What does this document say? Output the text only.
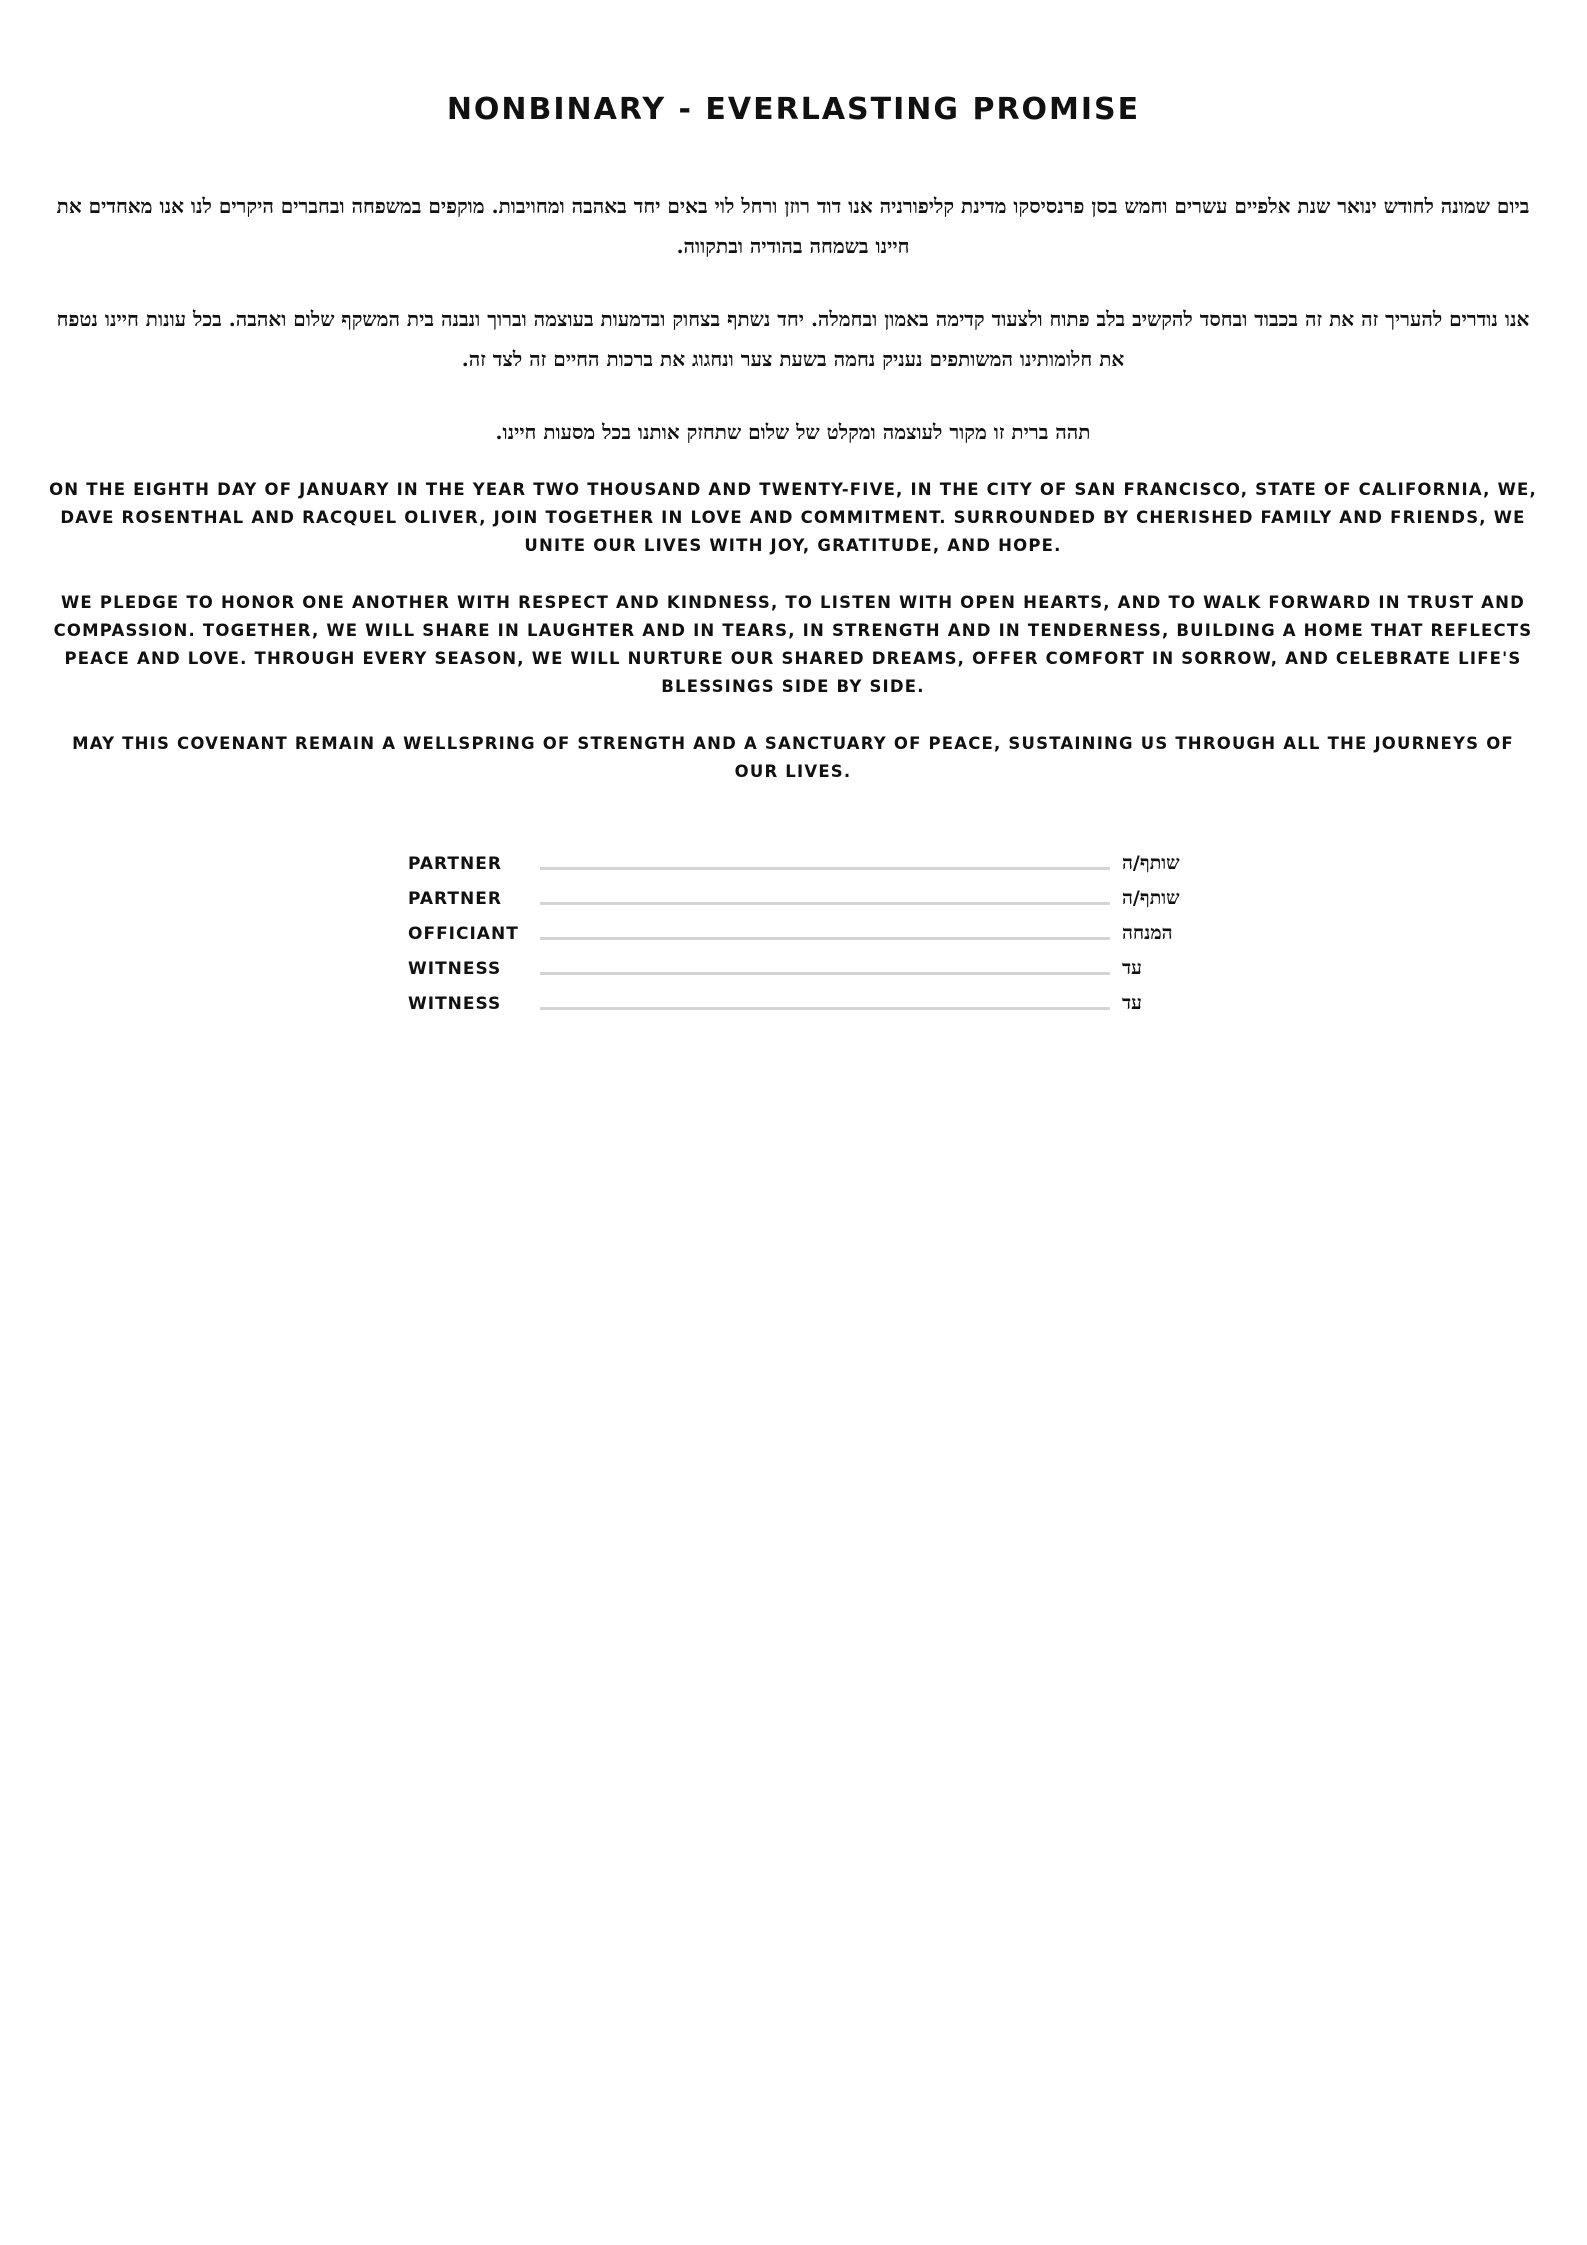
NONBINARY - EVERLASTING PROMISE
ביום שמונה לחודש ינואר שנת אלפיים עשרים וחמש בסן פרנסיסקו מדינת קליפורניה אנו דוד רוזן ורחל לוי באים יחד באהבה ומחויבות. מוקפים במשפחה ובחברים היקרים לנו אנו מאחדים את חיינו בשמחה בהודיה ובתקווה.
אנו נודרים להעריך זה את זה בכבוד ובחסד להקשיב בלב פתוח ולצעוד קדימה באמון ובחמלה. יחד נשתף בצחוק ובדמעות בעוצמה וברוך ונבנה בית המשקף שלום ואהבה. בכל עונות חיינו נטפח את חלומותינו המשותפים נעניק נחמה בשעת צער ונחגוג את ברכות החיים זה לצד זה.
תהה ברית זו מקור לעוצמה ומקלט של שלום שתחזק אותנו בכל מסעות חיינו.
ON THE EIGHTH DAY OF JANUARY IN THE YEAR TWO THOUSAND AND TWENTY-FIVE, IN THE CITY OF SAN FRANCISCO, STATE OF CALIFORNIA, WE, DAVE ROSENTHAL AND RACQUEL OLIVER, JOIN TOGETHER IN LOVE AND COMMITMENT. SURROUNDED BY CHERISHED FAMILY AND FRIENDS, WE UNITE OUR LIVES WITH JOY, GRATITUDE, AND HOPE.
WE PLEDGE TO HONOR ONE ANOTHER WITH RESPECT AND KINDNESS, TO LISTEN WITH OPEN HEARTS, AND TO WALK FORWARD IN TRUST AND COMPASSION. TOGETHER, WE WILL SHARE IN LAUGHTER AND IN TEARS, IN STRENGTH AND IN TENDERNESS, BUILDING A HOME THAT REFLECTS PEACE AND LOVE. THROUGH EVERY SEASON, WE WILL NURTURE OUR SHARED DREAMS, OFFER COMFORT IN SORROW, AND CELEBRATE LIFE'S BLESSINGS SIDE BY SIDE.
MAY THIS COVENANT REMAIN A WELLSPRING OF STRENGTH AND A SANCTUARY OF PEACE, SUSTAINING US THROUGH ALL THE JOURNEYS OF OUR LIVES.
PARTNER	שותף/ה
PARTNER	שותף/ה
OFFICIANT	המנחה
WITNESS	עד
WITNESS	עד
